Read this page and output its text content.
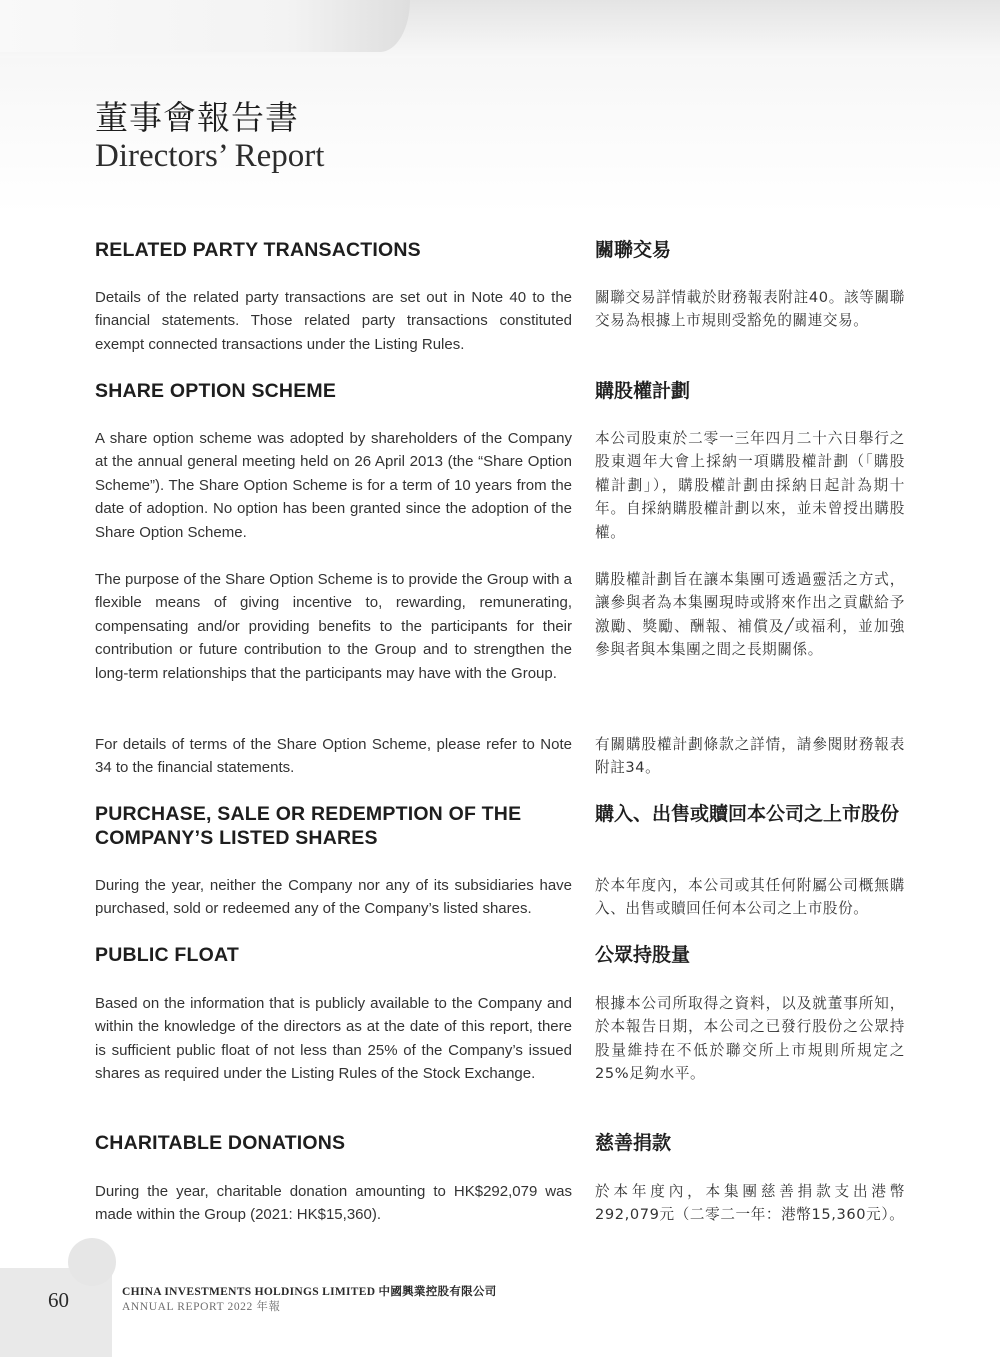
董事會報告書
Directors’ Report
RELATED PARTY TRANSACTIONS	關聯交易

Details of the related party transactions are set out in Note 40 to the financial statements. Those related party transactions constituted exempt connected transactions under the Listing Rules.

關聯交易詳情載於財務報表附註40。該等關聯交易為根據上市規則受豁免的關連交易。

SHARE OPTION SCHEME	購股權計劃

A share option scheme was adopted by shareholders of the Company at the annual general meeting held on 26 April 2013 (the “Share Option Scheme”). The Share Option Scheme is for a term of 10 years from the date of adoption. No option has been granted since the adoption of the Share Option Scheme.

本公司股東於二零一三年四月二十六日舉行之股東週年大會上採納一項購股權計劃（「購股權計劃」），購股權計劃由採納日起計為期十年。自採納購股權計劃以來，並未曾授出購股權。

The purpose of the Share Option Scheme is to provide the Group with a flexible means of giving incentive to, rewarding, remunerating, compensating and/or providing benefits to the participants for their contribution or future contribution to the Group and to strengthen the long-term relationships that the participants may have with the Group.

購股權計劃旨在讓本集團可透過靈活之方式，讓參與者為本集團現時或將來作出之貢獻給予激勵、獎勵、酬報、補償及╱或福利，並加強參與者與本集團之間之長期關係。

For details of terms of the Share Option Scheme, please refer to Note 34 to the financial statements.

有關購股權計劃條款之詳情，請參閱財務報表附註34。

PURCHASE, SALE OR REDEMPTION OF THE COMPANY’S LISTED SHARES
購入、出售或贖回本公司之上市股份

During the year, neither the Company nor any of its subsidiaries have purchased, sold or redeemed any of the Company’s listed shares.

於本年度內，本公司或其任何附屬公司概無購入、出售或贖回任何本公司之上市股份。

PUBLIC FLOAT	公眾持股量

Based on the information that is publicly available to the Company and within the knowledge of the directors as at the date of this report, there is sufficient public float of not less than 25% of the Company’s issued shares as required under the Listing Rules of the Stock Exchange.

根據本公司所取得之資料，以及就董事所知，於本報告日期，本公司之已發行股份之公眾持股量維持在不低於聯交所上市規則所規定之25%足夠水平。

CHARITABLE DONATIONS	慈善捐款

During the year, charitable donation amounting to HK$292,079 was made within the Group (2021: HK$15,360).

於本年度內，本集團慈善捐款支出港幣292,079元（二零二一年：港幣15,360元）。

60	CHINA INVESTMENTS HOLDINGS LIMITED 中國興業控股有限公司
ANNUAL REPORT 2022 年報
